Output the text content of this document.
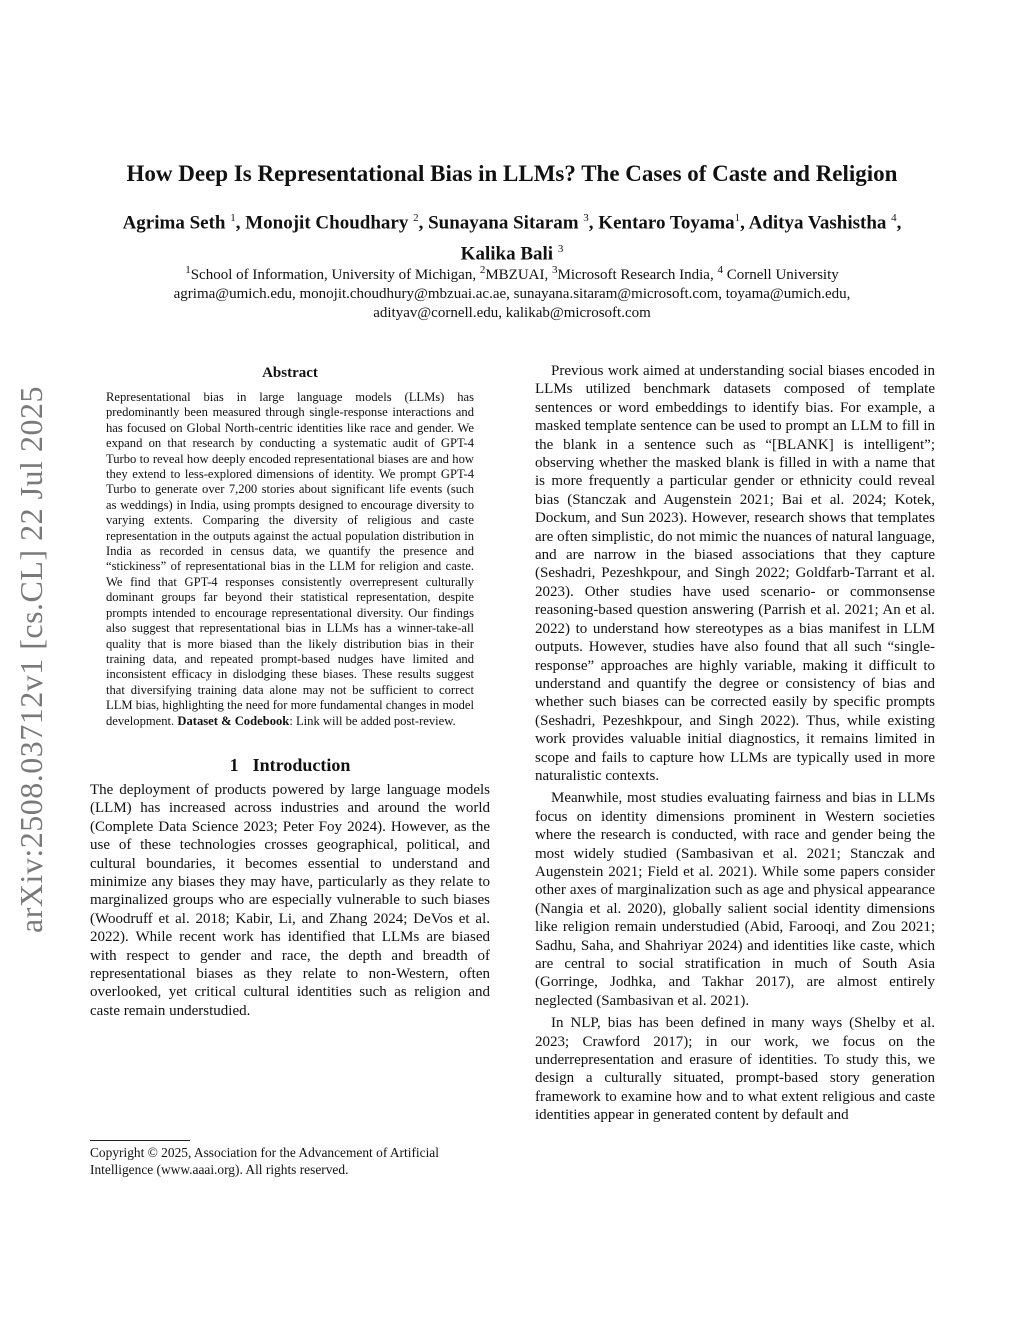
arXiv:2508.03712v1 [cs.CL] 22 Jul 2025
How Deep Is Representational Bias in LLMs? The Cases of Caste and Religion
Agrima Seth $^1$, Monojit Choudhary $^2$, Sunayana Sitaram $^3$, Kentaro Toyama$^1$, Aditya Vashistha $^4$,
Kalika Bali $^3$
$^1$School of Information, University of Michigan, $^2$MBZUAI, $^3$Microsoft Research India, $^4$ Cornell University
agrima@umich.edu, monojit.choudhury@mbzuai.ac.ae, sunayana.sitaram@microsoft.com, toyama@umich.edu,
adityav@cornell.edu, kalikab@microsoft.com
Abstract
Representational bias in large language models (LLMs) has predominantly been measured through single-response interactions and has focused on Global North-centric identities like race and gender. We expand on that research by conducting a systematic audit of GPT-4 Turbo to reveal how deeply encoded representational biases are and how they extend to less-explored dimensions of identity. We prompt GPT-4 Turbo to generate over 7,200 stories about significant life events (such as weddings) in India, using prompts designed to encourage diversity to varying extents. Comparing the diversity of religious and caste representation in the outputs against the actual population distribution in India as recorded in census data, we quantify the presence and “stickiness” of representational bias in the LLM for religion and caste. We find that GPT-4 responses consistently overrepresent culturally dominant groups far beyond their statistical representation, despite prompts intended to encourage representational diversity. Our findings also suggest that representational bias in LLMs has a winner-take-all quality that is more biased than the likely distribution bias in their training data, and repeated prompt-based nudges have limited and inconsistent efficacy in dislodging these biases. These results suggest that diversifying training data alone may not be sufficient to correct LLM bias, highlighting the need for more fundamental changes in model development. Dataset & Codebook: Link will be added post-review.
1 Introduction

The deployment of products powered by large language models (LLM) has increased across industries and around the world (Complete Data Science 2023; Peter Foy 2024). However, as the use of these technologies crosses geographical, political, and cultural boundaries, it becomes essential to understand and minimize any biases they may have, particularly as they relate to marginalized groups who are especially vulnerable to such biases (Woodruff et al. 2018; Kabir, Li, and Zhang 2024; DeVos et al. 2022). While recent work has identified that LLMs are biased with respect to gender and race, the depth and breadth of representational biases as they relate to non-Western, often overlooked, yet critical cultural identities such as religion and caste remain understudied.

Copyright © 2025, Association for the Advancement of Artificial Intelligence (www.aaai.org). All rights reserved.

Previous work aimed at understanding social biases encoded in LLMs utilized benchmark datasets composed of template sentences or word embeddings to identify bias. For example, a masked template sentence can be used to prompt an LLM to fill in the blank in a sentence such as “[BLANK] is intelligent”; observing whether the masked blank is filled in with a name that is more frequently a particular gender or ethnicity could reveal bias (Stanczak and Augenstein 2021; Bai et al. 2024; Kotek, Dockum, and Sun 2023). However, research shows that templates are often simplistic, do not mimic the nuances of natural language, and are narrow in the biased associations that they capture (Seshadri, Pezeshkpour, and Singh 2022; Goldfarb-Tarrant et al. 2023). Other studies have used scenario- or commonsense reasoning-based question answering (Parrish et al. 2021; An et al. 2022) to understand how stereotypes as a bias manifest in LLM outputs. However, studies have also found that all such “single-response” approaches are highly variable, making it difficult to understand and quantify the degree or consistency of bias and whether such biases can be corrected easily by specific prompts (Seshadri, Pezeshkpour, and Singh 2022). Thus, while existing work provides valuable initial diagnostics, it remains limited in scope and fails to capture how LLMs are typically used in more naturalistic contexts.

Meanwhile, most studies evaluating fairness and bias in LLMs focus on identity dimensions prominent in Western societies where the research is conducted, with race and gender being the most widely studied (Sambasivan et al. 2021; Stanczak and Augenstein 2021; Field et al. 2021). While some papers consider other axes of marginalization such as age and physical appearance (Nangia et al. 2020), globally salient social identity dimensions like religion remain understudied (Abid, Farooqi, and Zou 2021; Sadhu, Saha, and Shahriyar 2024) and identities like caste, which are central to social stratification in much of South Asia (Gorringe, Jodhka, and Takhar 2017), are almost entirely neglected (Sambasivan et al. 2021).

In NLP, bias has been defined in many ways (Shelby et al. 2023; Crawford 2017); in our work, we focus on the underrepresentation and erasure of identities. To study this, we design a culturally situated, prompt-based story generation framework to examine how and to what extent religious and caste identities appear in generated content by default and
